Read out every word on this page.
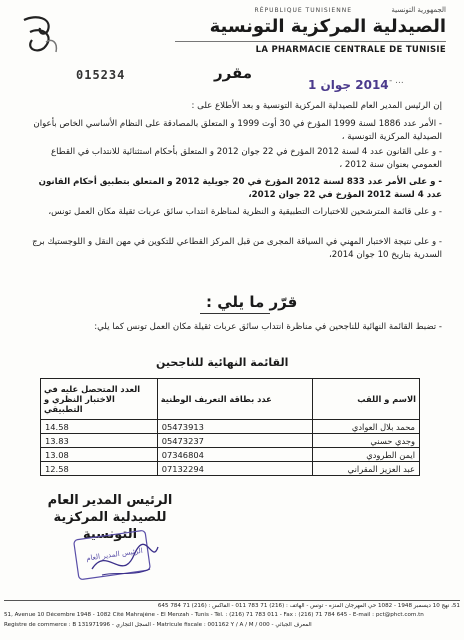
الجمهورية التونسية
RÉPUBLIQUE TUNISIENNE
الصيدلية المركزية التونسية
LA PHARMACIE CENTRALE DE TUNISIE
مقرر
015234
2014 جوان 1 - ...
إن الرئيس المدير العام للصيدلية المركزية التونسية و بعد الأطلاع على :
- الأمر عدد 1886 لسنة 1999 المؤرخ في 30 أوت 1999 و المتعلق بالمصادقة على النظام الأساسي الخاص بأعوان الصيدلية المركزية التونسية ،
- و على القانون عدد 4 لسنة 2012 المؤرخ في 22 جوان 2012 و المتعلق بأحكام استثنائية للانتداب في القطاع العمومي بعنوان سنة 2012 ،
- و على الأمر عدد 833 لسنة 2012 المؤرخ في 20 جويلية 2012 و المتعلق بتطبيق أحكام القانون عدد 4 لسنة 2012 المؤرخ في 22 جوان 2012،
- و على قائمة المترشحين للاختبارات التطبيقية و النظرية لمناظرة انتداب سائق عربات ثقيلة مكان العمل تونس،
- و على نتيجة الاختبار المهني في السياقة المجرى من قبل المركز القطاعي للتكوين في مهن النقل و اللوجستيك برج السدرية بتاريخ 10 جوان 2014،
قرّر ما يلي :
- تضبط القائمة النهائية للناجحين في مناظرة انتداب سائق عربات ثقيلة مكان العمل تونس كما يلي:
القائمة النهائية للناجحين
الاسم و اللقب	عدد بطاقة التعريف الوطنية	العدد المتحصل عليه في الاختبار النظري و التطبيقي
محمد بلال العوادي	05473913	14.58
وجدي حسني	05473237	13.83
ايمن الطرودي	07346804	13.08
عبد العزيز المقراني	07132294	12.58
الرئيس المدير العام
للصيدلية المركزية التونسية
الرئيس المدير العام
51، نهج 10 ديسمبر 1948 - 1082 حي المهرجان المنزه - تونس - الهاتف : (216) 71 783 011 - الفاكس : (216) 71 784 645
51, Avenue 10 Décembre 1948 - 1082 Cité Mahrajène - El Menzah - Tunis - Tél. : (216) 71 783 011 - Fax : (216) 71 784 645 - E-mail : pct@phct.com.tn
Registre de commerce : B 131971996 - السجل التجاري - Matricule fiscale : 001162 Y / A / M / 000 - المعرف الجبائي
